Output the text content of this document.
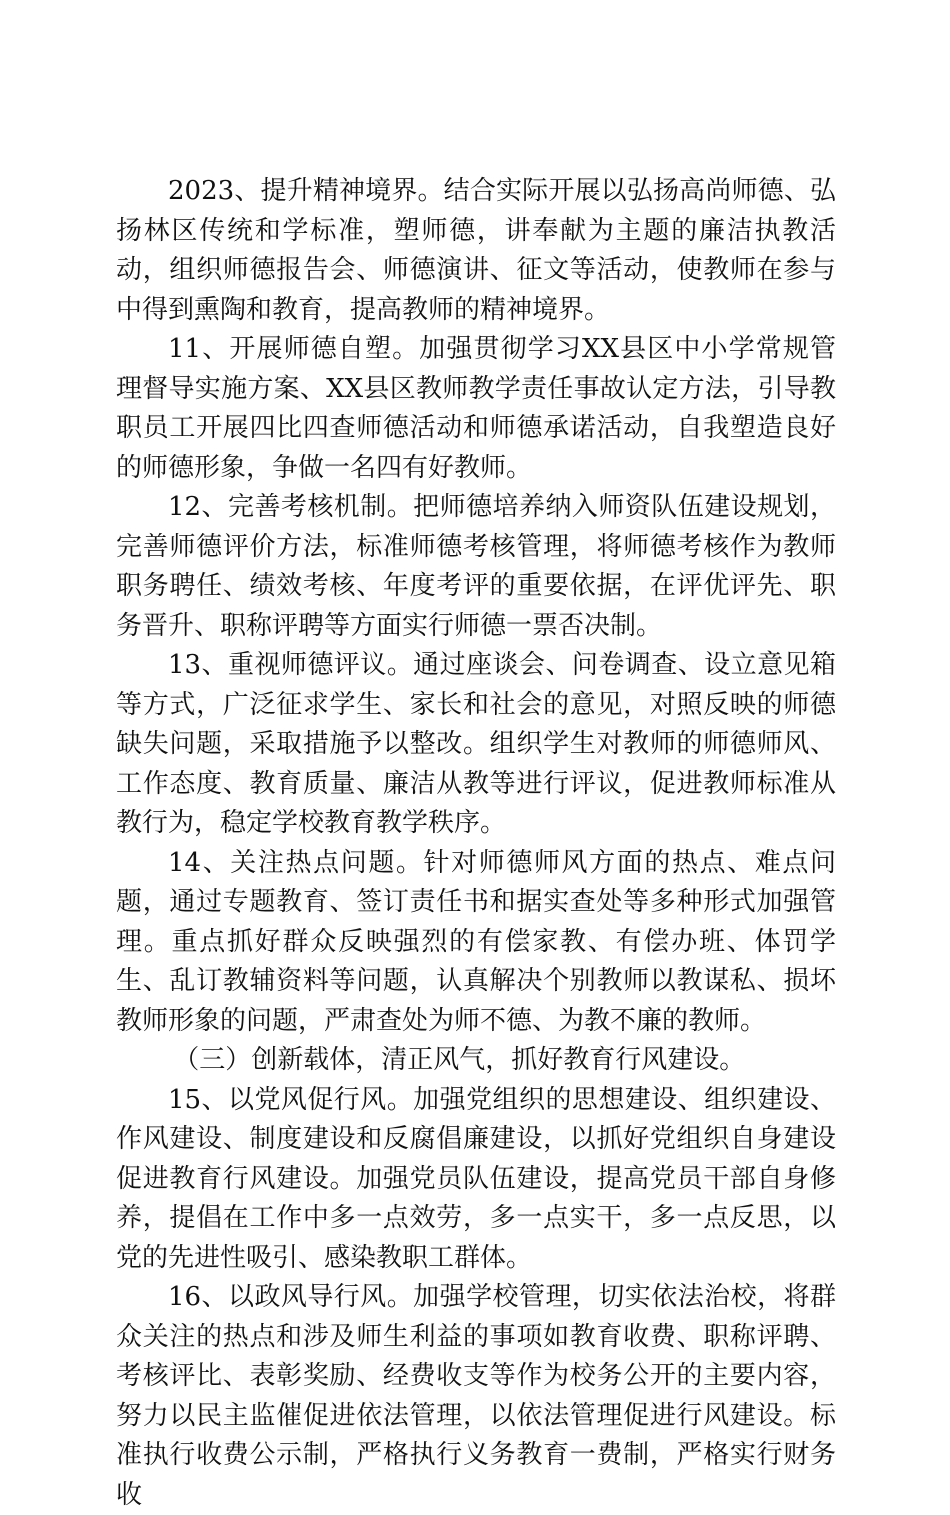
2023、提升精神境界。结合实际开展以弘扬高尚师德、弘扬林区传统和学标准，塑师德，讲奉献为主题的廉洁执教活动，组织师德报告会、师德演讲、征文等活动，使教师在参与中得到熏陶和教育，提高教师的精神境界。

11、开展师德自塑。加强贯彻学习XX县区中小学常规管理督导实施方案、XX县区教师教学责任事故认定方法，引导教职员工开展四比四查师德活动和师德承诺活动，自我塑造良好的师德形象，争做一名四有好教师。

12、完善考核机制。把师德培养纳入师资队伍建设规划，完善师德评价方法，标准师德考核管理，将师德考核作为教师职务聘任、绩效考核、年度考评的重要依据，在评优评先、职务晋升、职称评聘等方面实行师德一票否决制。

13、重视师德评议。通过座谈会、问卷调查、设立意见箱等方式，广泛征求学生、家长和社会的意见，对照反映的师德缺失问题，采取措施予以整改。组织学生对教师的师德师风、工作态度、教育质量、廉洁从教等进行评议，促进教师标准从教行为，稳定学校教育教学秩序。

14、关注热点问题。针对师德师风方面的热点、难点问题，通过专题教育、签订责任书和据实查处等多种形式加强管理。重点抓好群众反映强烈的有偿家教、有偿办班、体罚学生、乱订教辅资料等问题，认真解决个别教师以教谋私、损坏教师形象的问题，严肃查处为师不德、为教不廉的教师。

（三）创新载体，清正风气，抓好教育行风建设。

15、以党风促行风。加强党组织的思想建设、组织建设、作风建设、制度建设和反腐倡廉建设，以抓好党组织自身建设促进教育行风建设。加强党员队伍建设，提高党员干部自身修养，提倡在工作中多一点效劳，多一点实干，多一点反思，以党的先进性吸引、感染教职工群体。

16、以政风导行风。加强学校管理，切实依法治校，将群众关注的热点和涉及师生利益的事项如教育收费、职称评聘、考核评比、表彰奖励、经费收支等作为校务公开的主要内容，努力以民主监催促进依法管理，以依法管理促进行风建设。标准执行收费公示制，严格执行义务教育一费制，严格实行财务收
